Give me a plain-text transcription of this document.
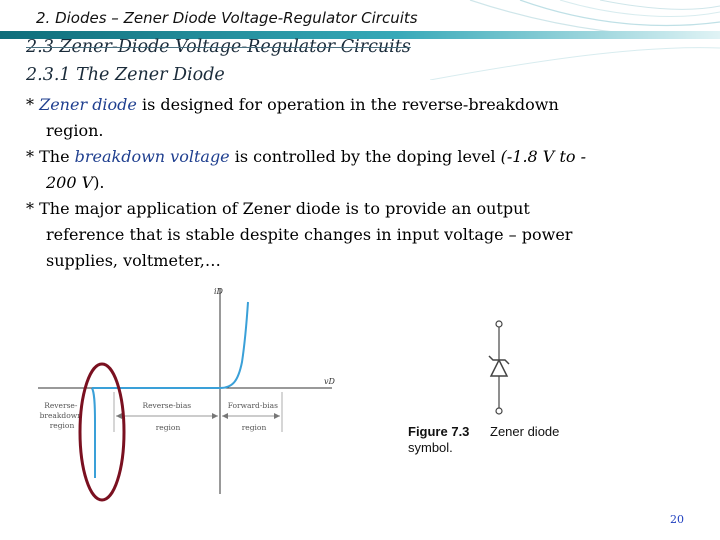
2. Diodes – Zener Diode Voltage-Regulator Circuits
2.3 Zener-Diode Voltage-Regulator Circuits
2.3.1 The Zener Diode
* Zener diode is designed for operation in the reverse-breakdown
region.
* The breakdown voltage is controlled by the doping level (-1.8 V to -
200 V).
* The major application of Zener diode is to provide an output
reference that is stable despite changes in input voltage – power
supplies, voltmeter,…
iD
vD
Reverse- breakdown region
Reverse-bias region
Forward-bias region	Figure 7.3
symbol.
Zener diode
20
